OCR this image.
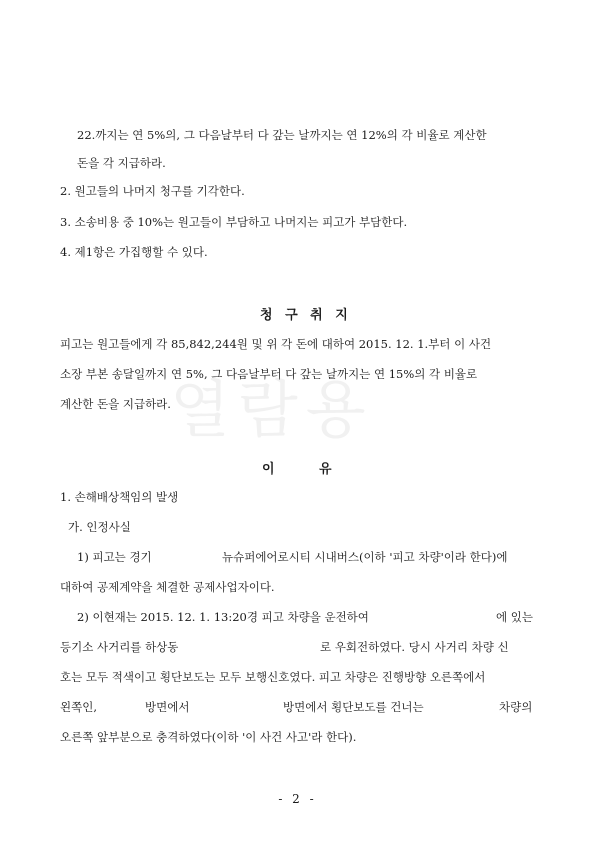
열람용
22.까지는 연 5%의, 그 다음날부터 다 갚는 날까지는 연 12%의 각 비율로 계산한
돈을 각 지급하라.
2. 원고들의 나머지 청구를 기각한다.
3. 소송비용 중 10%는 원고들이 부담하고 나머지는 피고가 부담한다.
4. 제1항은 가집행할 수 있다.
청 구 취 지
피고는 원고들에게 각 85,842,244원 및 위 각 돈에 대하여 2015. 12. 1.부터 이 사건
소장 부본 송달일까지 연 5%, 그 다음날부터 다 갚는 날까지는 연 15%의 각 비율로
계산한 돈을 지급하라.
이	유
1. 손해배상책임의 발생
가. 인정사실
1) 피고는 경기	뉴슈퍼에어로시티 시내버스(이하 '피고 차량'이라 한다)에
대하여 공제계약을 체결한 공제사업자이다.
2) 이현재는 2015. 12. 1. 13:20경 피고 차량을 운전하여	에 있는
등기소 사거리를 하상동	로 우회전하였다. 당시 사거리 차량 신
호는 모두 적색이고 횡단보도는 모두 보행신호였다. 피고 차량은 진행방향 오른쪽에서
왼쪽인,	방면에서	방면에서 횡단보도를 건너는	차량의
오른쪽 앞부분으로 충격하였다(이하 '이 사건 사고'라 한다).
- 2 -
